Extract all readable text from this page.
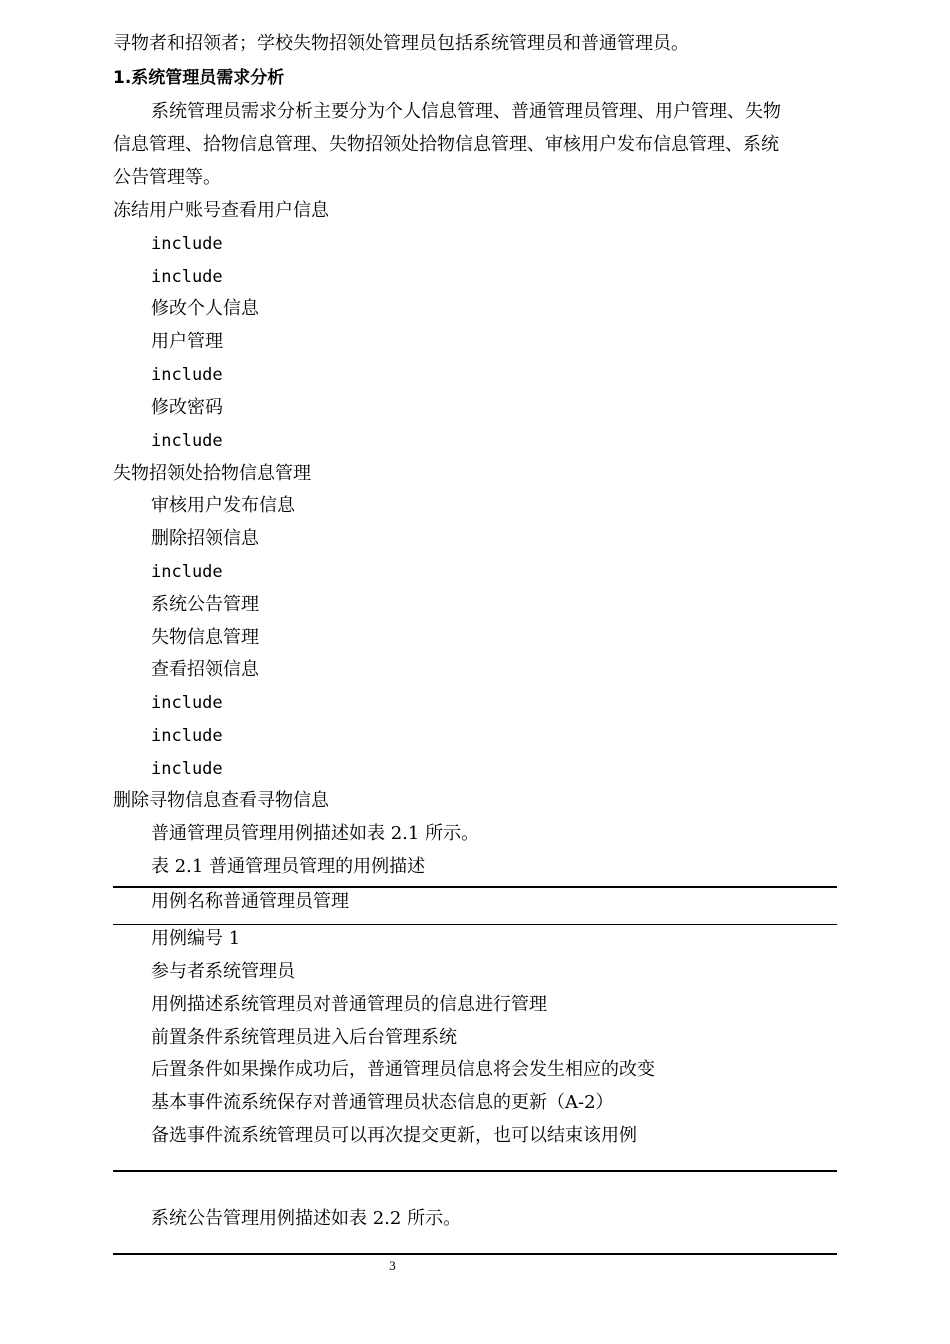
寻物者和招领者；学校失物招领处管理员包括系统管理员和普通管理员。
1.系统管理员需求分析
系统管理员需求分析主要分为个人信息管理、普通管理员管理、用户管理、失物
信息管理、拾物信息管理、失物招领处拾物信息管理、审核用户发布信息管理、系统
公告管理等。
冻结用户账号查看用户信息
include
include
修改个人信息
用户管理
include
修改密码
include
失物招领处拾物信息管理
审核用户发布信息
删除招领信息
include
系统公告管理
失物信息管理
查看招领信息
include
include
include
删除寻物信息查看寻物信息
普通管理员管理用例描述如表 2.1 所示。
表 2.1 普通管理员管理的用例描述
用例名称普通管理员管理
用例编号 1
参与者系统管理员
用例描述系统管理员对普通管理员的信息进行管理
前置条件系统管理员进入后台管理系统
后置条件如果操作成功后，普通管理员信息将会发生相应的改变
基本事件流系统保存对普通管理员状态信息的更新（A-2）
备选事件流系统管理员可以再次提交更新，也可以结束该用例
系统公告管理用例描述如表 2.2 所示。
3
